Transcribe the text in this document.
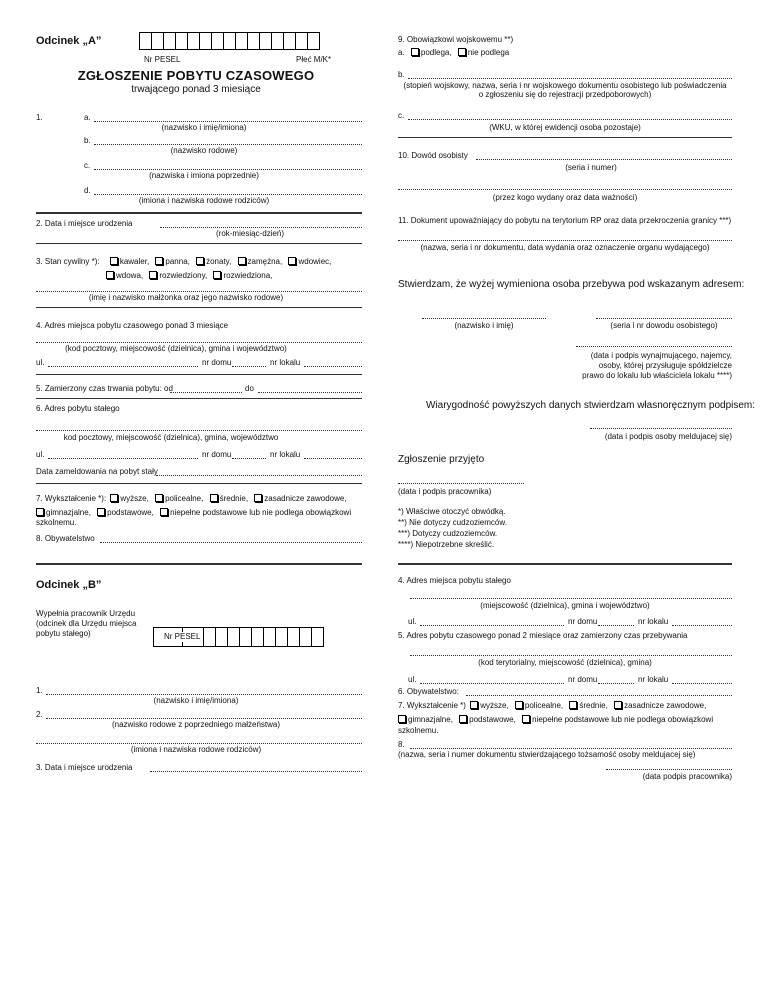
Odcinek „A”
Nr PESEL	Płeć M/K*
ZGŁOSZENIE POBYTU CZASOWEGO
trwającego ponad 3 miesiące
1.	a.
(nazwisko i imię/imiona)
b.
(nazwisko rodowe)
c.
(nazwiska i imiona poprzednie)
d.
(imiona i nazwiska rodowe rodziców)
2. Data i miejsce urodzenia
(rok-miesiąc-dzień)
3. Stan cywilny *):	kawaler, panna, żonaty, zamężna, wdowiec,
wdowa, rozwiedziony, rozwiedziona,
(imię i nazwisko małżonka oraz jego nazwisko rodowe)
4. Adres miejsca pobytu czasowego ponad 3 miesiące
(kod pocztowy, miejscowość (dzielnica), gmina i województwo)
ul.	nr domu	nr lokalu
5. Zamierzony czas trwania pobytu: od	do
6. Adres pobytu stałego
kod pocztowy, miejscowość (dzielnica), gmina, województwo
ul.	nr domu	nr lokalu
Data zameldowania na pobyt stały
7. Wykształcenie *): wyższe, policealne, średnie, zasadnicze zawodowe,
gimnazjalne, podstawowe, niepełne podstawowe lub nie podlega obowiązkowi
szkolnemu.
8. Obywatelstwo
Odcinek „B”
Wypełnia pracownik Urzędu
(odcinek dla Urzędu miejsca
pobytu stałego)	Nr PESEL
1.
(nazwisko i imię/imiona)
2.
(nazwisko rodowe z poprzedniego małżeństwa)
(imiona i nazwiska rodowe rodziców)
3. Data i miejsce urodzenia
9. Obowiązkowi wojskowemu **)
a. podlega, nie podlega
b.
(stopień wojskowy, nazwa, seria i nr wojskowego dokumentu osobistego lub poświadczenia
o zgłoszeniu się do rejestracji przedpoborowych)
c.
(WKU, w której ewidencji osoba pozostaje)
10. Dowód osobisty
(seria i numer)
(przez kogo wydany oraz data ważności)
11. Dokument upoważniający do pobytu na terytorium RP oraz data przekroczenia granicy ***)
(nazwa, seria i nr dokumentu, data wydania oraz oznaczenie organu wydającego)
Stwierdzam, że wyżej wymieniona osoba przebywa pod wskazanym adresem:
(nazwisko i imię)	(seria i nr dowodu osobistego)
(data i podpis wynajmującego, najemcy,
osoby, której przysługuje spółdzielcze
prawo do lokalu lub właściciela lokalu ****)
Wiarygodność powyższych danych stwierdzam własnoręcznym podpisem:
(data i podpis osoby meldujacej się)
Zgłoszenie przyjęto
(data i podpis pracownika)
*) Właściwe otoczyć obwódką.
**) Nie dotyczy cudzoziemców.
***) Dotyczy cudzoziemców.
****) Niepotrzebne skreślić.
4. Adres miejsca pobytu stałego
(miejscowość (dzielnica), gmina i województwo)
ul.	nr domu	nr lokalu
5. Adres pobytu czasowego ponad 2 miesiące oraz zamierzony czas przebywania
(kod terytorialny, miejscowość (dzielnica), gmina)
ul.	nr domu	nr lokalu
6. Obywatelstwo:
7. Wykształcenie *) wyższe, policealne, średnie, zasadnicze zawodowe,
gimnazjalne, podstawowe, niepełne podstawowe lub nie podlega obowiązkowi
szkolnemu.
8.
(nazwa, seria i numer dokumentu stwierdzającego tożsamość osoby meldujacej się)
(data podpis pracownika)
